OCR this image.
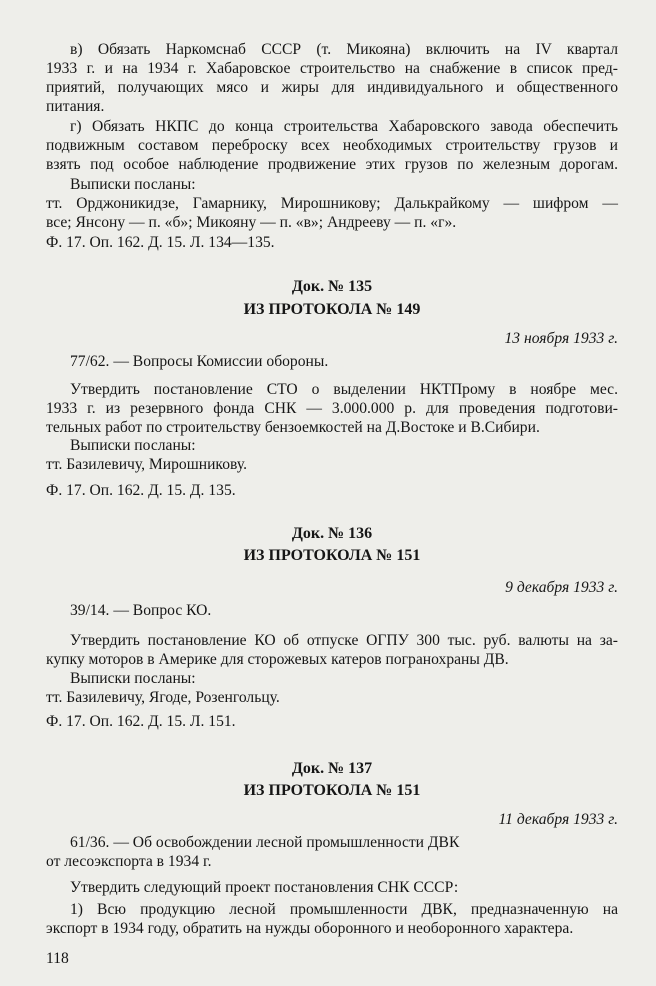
в) Обязать Наркомснаб СССР (т. Микояна) включить на IV квартал
1933 г. и на 1934 г. Хабаровское строительство на снабжение в список пред-
приятий, получающих мясо и жиры для индивидуального и общественного
питания.
г) Обязать НКПС до конца строительства Хабаровского завода обеспечить
подвижным составом переброску всех необходимых строительству грузов и
взять под особое наблюдение продвижение этих грузов по железным дорогам.
Выписки посланы:
тт. Орджоникидзе, Гамарнику, Мирошникову; Далькрайкому — шифром —
все; Янсону — п. «б»; Микояну — п. «в»; Андрееву — п. «г».
Ф. 17. Оп. 162. Д. 15. Л. 134—135.
Док. № 135
ИЗ ПРОТОКОЛА № 149
13 ноября 1933 г.
77/62. — Вопросы Комиссии обороны.
Утвердить постановление СТО о выделении НКТПрому в ноябре мес.
1933 г. из резервного фонда СНК — 3.000.000 р. для проведения подготови-
тельных работ по строительству бензоемкостей на Д.Востоке и В.Сибири.
Выписки посланы:
тт. Базилевичу, Мирошникову.
Ф. 17. Оп. 162. Д. 15. Д. 135.
Док. № 136
ИЗ ПРОТОКОЛА № 151
9 декабря 1933 г.
39/14. — Вопрос КО.
Утвердить постановление КО об отпуске ОГПУ 300 тыс. руб. валюты на за-
купку моторов в Америке для сторожевых катеров погранохраны ДВ.
Выписки посланы:
тт. Базилевичу, Ягоде, Розенгольцу.
Ф. 17. Оп. 162. Д. 15. Л. 151.
Док. № 137
ИЗ ПРОТОКОЛА № 151
11 декабря 1933 г.
61/36. — Об освобождении лесной промышленности ДВК
от лесоэкспорта в 1934 г.
Утвердить следующий проект постановления СНК СССР:
1) Всю продукцию лесной промышленности ДВК, предназначенную на
экспорт в 1934 году, обратить на нужды оборонного и необоронного характера.
118
